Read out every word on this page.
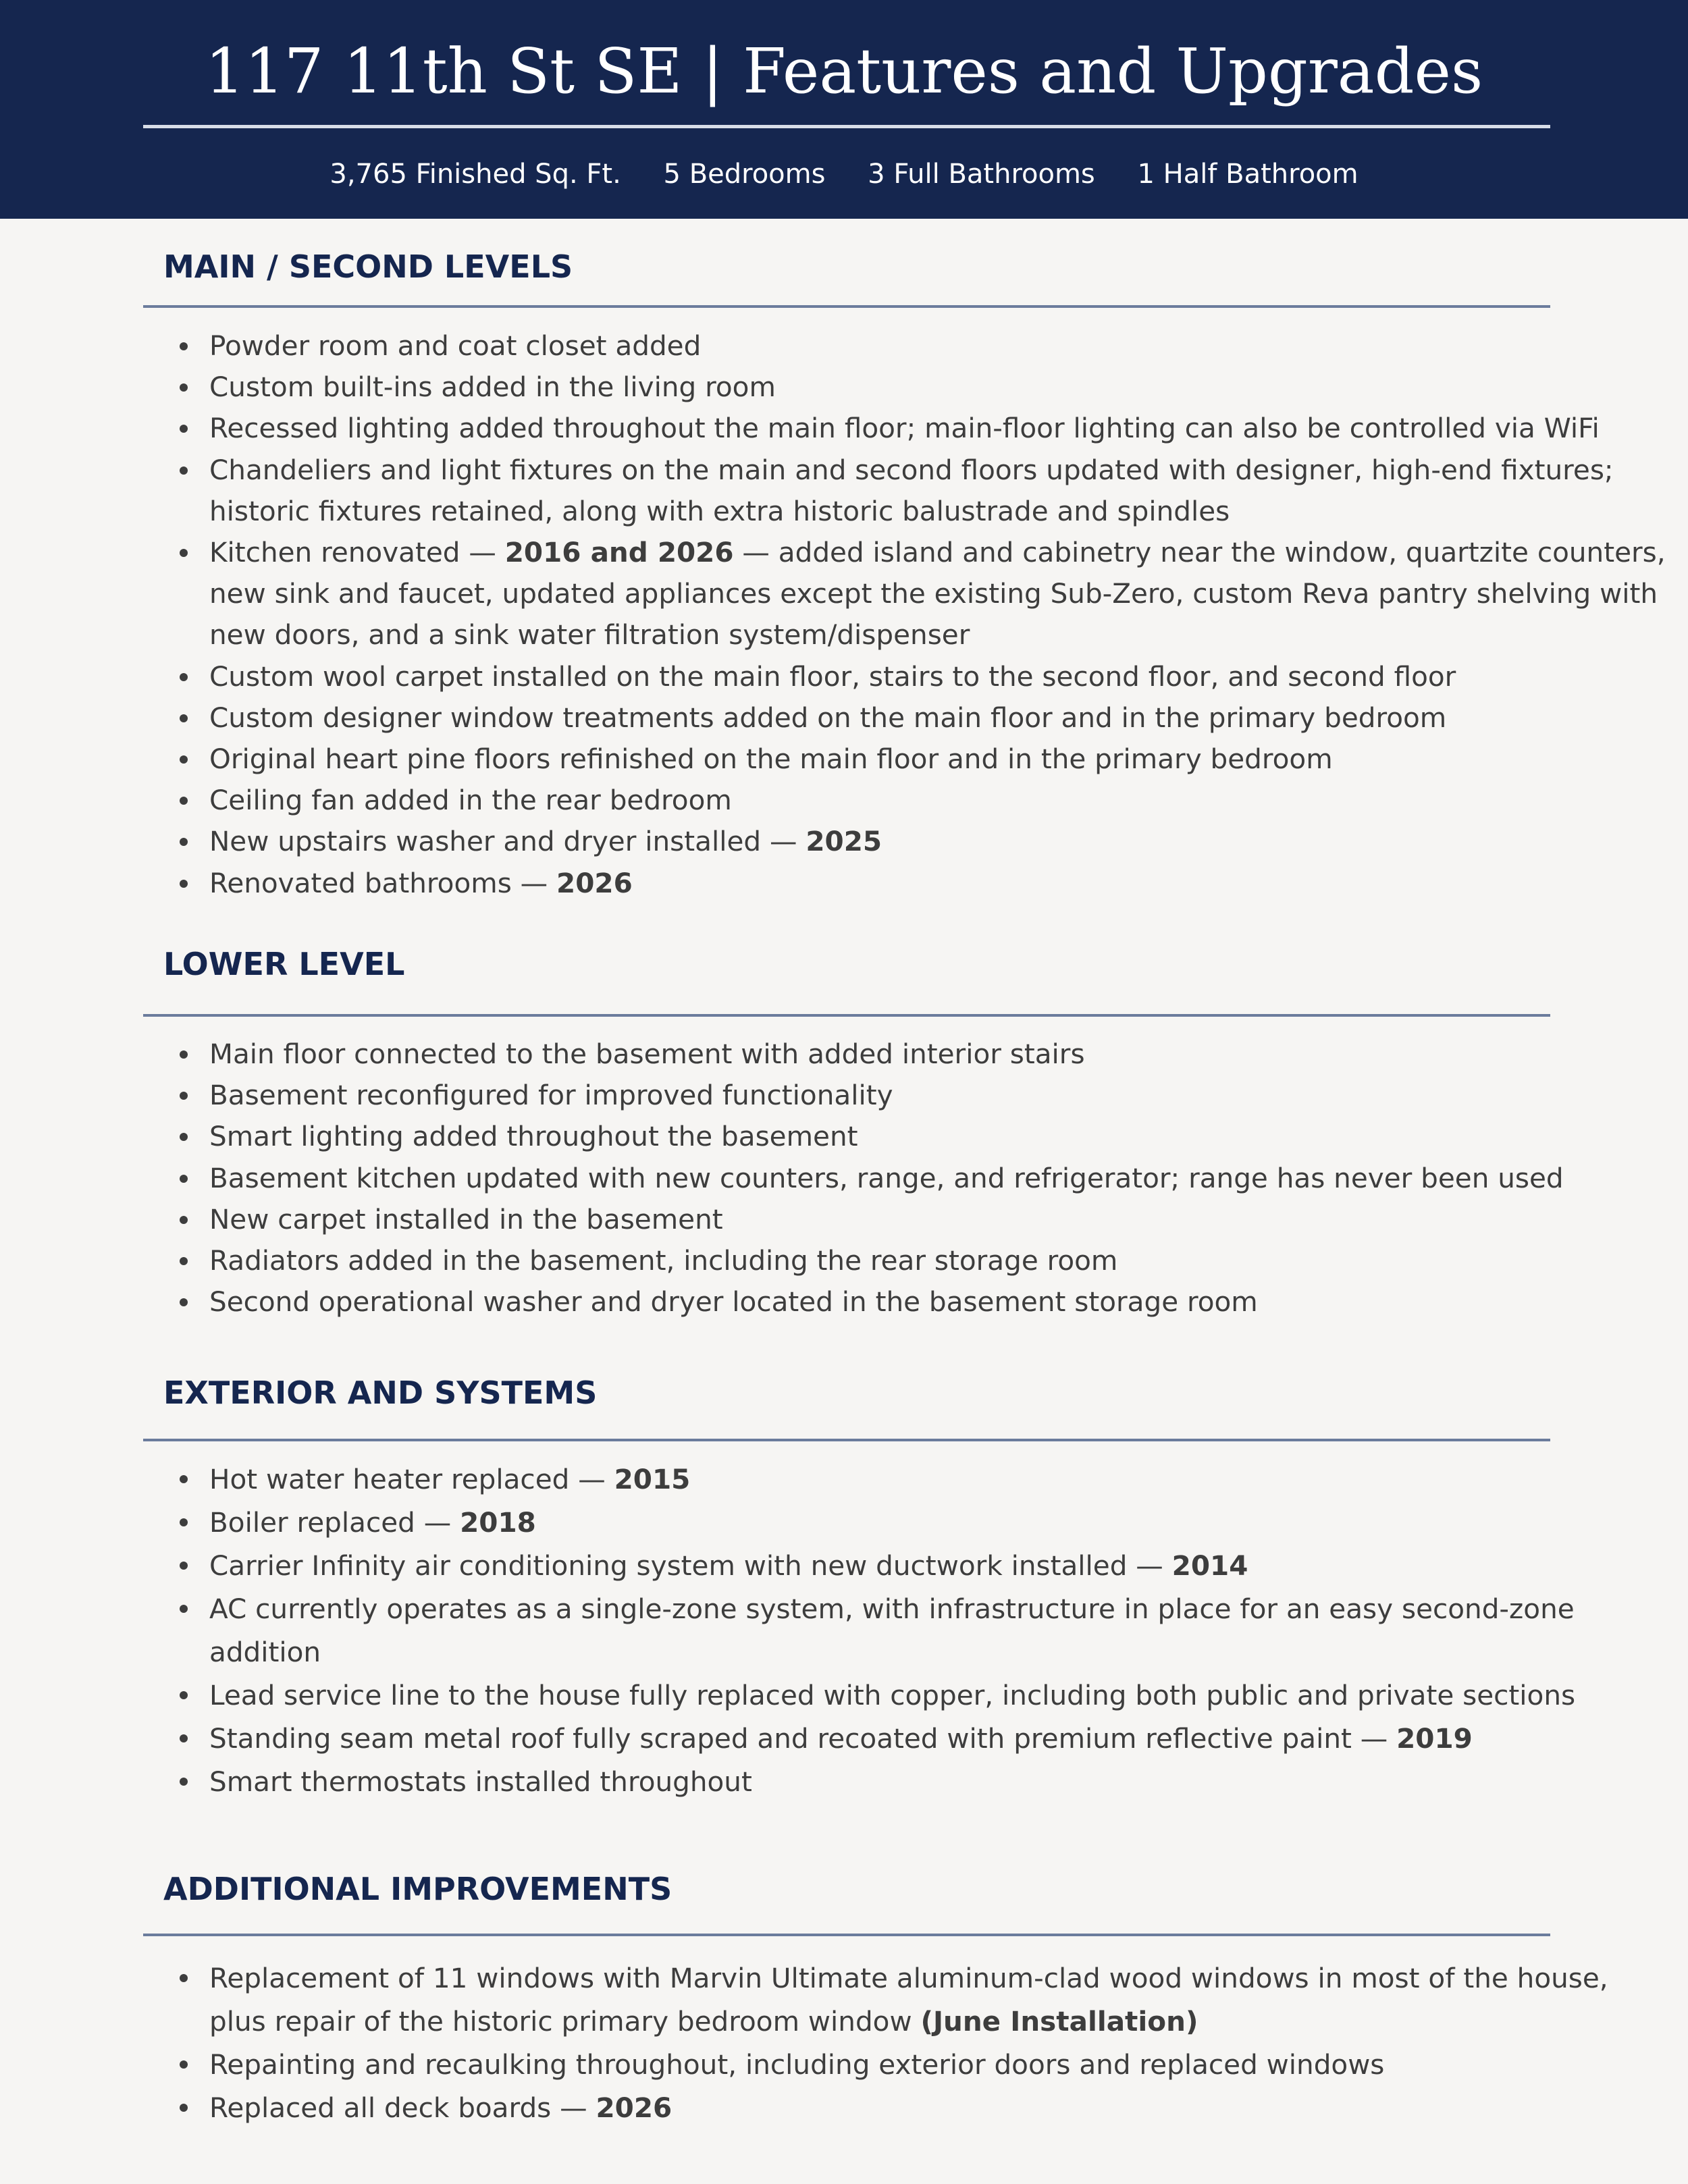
117 11th St SE | Features and Upgrades
3,765 Finished Sq. Ft. 5 Bedrooms 3 Full Bathrooms 1 Half Bathroom
MAIN / SECOND LEVELS
Powder room and coat closet added
Custom built-ins added in the living room
Recessed lighting added throughout the main floor; main-floor lighting can also be controlled via WiFi
Chandeliers and light fixtures on the main and second floors updated with designer, high-end fixtures;
historic fixtures retained, along with extra historic balustrade and spindles
Kitchen renovated — 2016 and 2026 — added island and cabinetry near the window, quartzite counters,
new sink and faucet, updated appliances except the existing Sub-Zero, custom Reva pantry shelving with
new doors, and a sink water filtration system/dispenser
Custom wool carpet installed on the main floor, stairs to the second floor, and second floor
Custom designer window treatments added on the main floor and in the primary bedroom
Original heart pine floors refinished on the main floor and in the primary bedroom
Ceiling fan added in the rear bedroom
New upstairs washer and dryer installed — 2025
Renovated bathrooms — 2026
LOWER LEVEL
Main floor connected to the basement with added interior stairs
Basement reconfigured for improved functionality
Smart lighting added throughout the basement
Basement kitchen updated with new counters, range, and refrigerator; range has never been used
New carpet installed in the basement
Radiators added in the basement, including the rear storage room
Second operational washer and dryer located in the basement storage room
EXTERIOR AND SYSTEMS
Hot water heater replaced — 2015
Boiler replaced — 2018
Carrier Infinity air conditioning system with new ductwork installed — 2014
AC currently operates as a single-zone system, with infrastructure in place for an easy second-zone
addition
Lead service line to the house fully replaced with copper, including both public and private sections
Standing seam metal roof fully scraped and recoated with premium reflective paint — 2019
Smart thermostats installed throughout
ADDITIONAL IMPROVEMENTS
Replacement of 11 windows with Marvin Ultimate aluminum-clad wood windows in most of the house,
plus repair of the historic primary bedroom window (June Installation)
Repainting and recaulking throughout, including exterior doors and replaced windows
Replaced all deck boards — 2026
